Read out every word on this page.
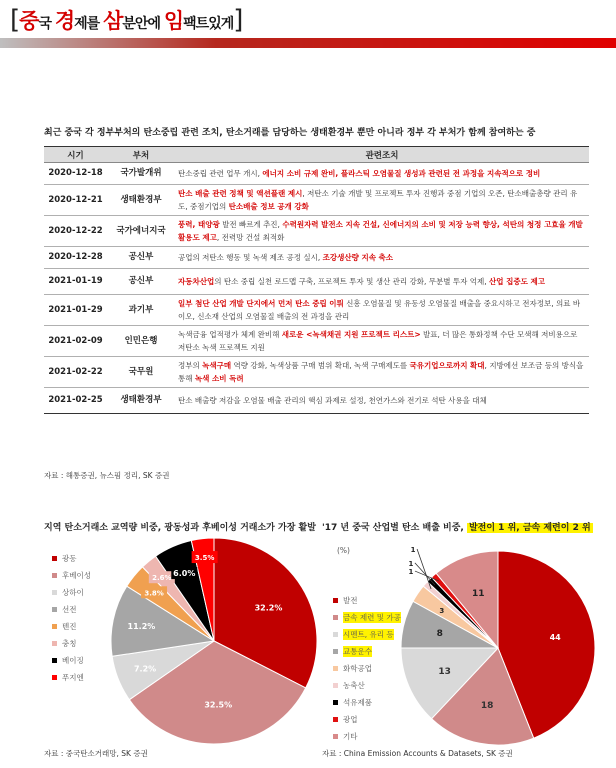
[ 중국 경제를 삼분안에 임팩트있게 ]
최근 중국 각 정부부처의 탄소중립 관련 조치, 탄소거래를 담당하는 생태환경부 뿐만 아니라 정부 각 부처가 함께 참여하는 중
시기	부처	관련조치
2020-12-18	국가발개위	탄소중립 관련 업무 개시, 에너지 소비 규제 완비, 플라스틱 오염물질 생성과 관련된 전 과정을 지속적으로 정비
2020-12-21	생태환경부	탄소 배출 관련 정책 및 액션플랜 제시, 저탄소 기술 개발 및 프로젝트 투자 진행과 중점 기업의 오존, 탄소배출총량 관리 유도, 중점기업의 탄소배출 정보 공개 강화
2020-12-22	국가에너지국	풍력, 태양광 발전 빠르게 추진, 수력원자력 발전소 지속 건설, 신에너지의 소비 및 저장 능력 향상, 석탄의 청정 고효율 개발 활용도 제고, 전력망 건설 최적화
2020-12-28	공신부	공업의 저탄소 행동 및 녹색 제조 공정 실시, 조강생산량 지속 축소
2021-01-19	공신부	자동차산업의 탄소 중립 실천 로드맵 구축, 프로젝트 투자 및 생산 관리 강화, 무분별 투자 억제, 산업 집중도 제고
2021-01-29	과기부	일부 첨단 산업 개발 단지에서 먼저 탄소 중립 이뤄 신흥 오염물질 및 유동성 오염물질 배출을 중요시하고 전자정보, 의료 바이오, 신소재 산업의 오염물질 배출의 전 과정을 관리
2021-02-09	인민은행	녹색금융 업적평가 체계 완비해 새로운 <녹색채권 지원 프로젝트 리스트> 발표, 더 많은 통화정책 수단 모색해 저비용으로 저탄소 녹색 프로젝트 지원
2021-02-22	국무원	정부의 녹색구매 역량 강화, 녹색상품 구매 범위 확대, 녹색 구매제도를 국유기업으로까지 확대, 지방에선 보조금 등의 방식을 통해 녹색 소비 독려
2021-02-25	생태환경부	탄소 배출량 저감을 오염물 배출 관리의 핵심 과제로 설정, 천연가스와 전기로 석탄 사용을 대체
자료 : 해통증권, 뉴스핌 정리, SK 증권
지역 탄소거래소 교역량 비중, 광동성과 후베이성 거래소가 가장 활발
광동
후베이성
상하이
선전
톈진
충칭
베이징
푸지엔
32.2%
32.5%
7.2%
11.2%
3.8%
2.6%
6.0%
3.5%
자료 : 중국탄소거래망, SK 증권
'17 년 중국 산업별 탄소 배출 비중, 발전이 1 위, 금속 제련이 2 위
(%)
발전
금속 제련 및 가공
시멘트, 유리 등
교통운수
화학공업
농축산
석유제품
광업
기타
44
18
13
8
3
1
1
1
11
자료 : China Emission Accounts & Datasets, SK 증권
